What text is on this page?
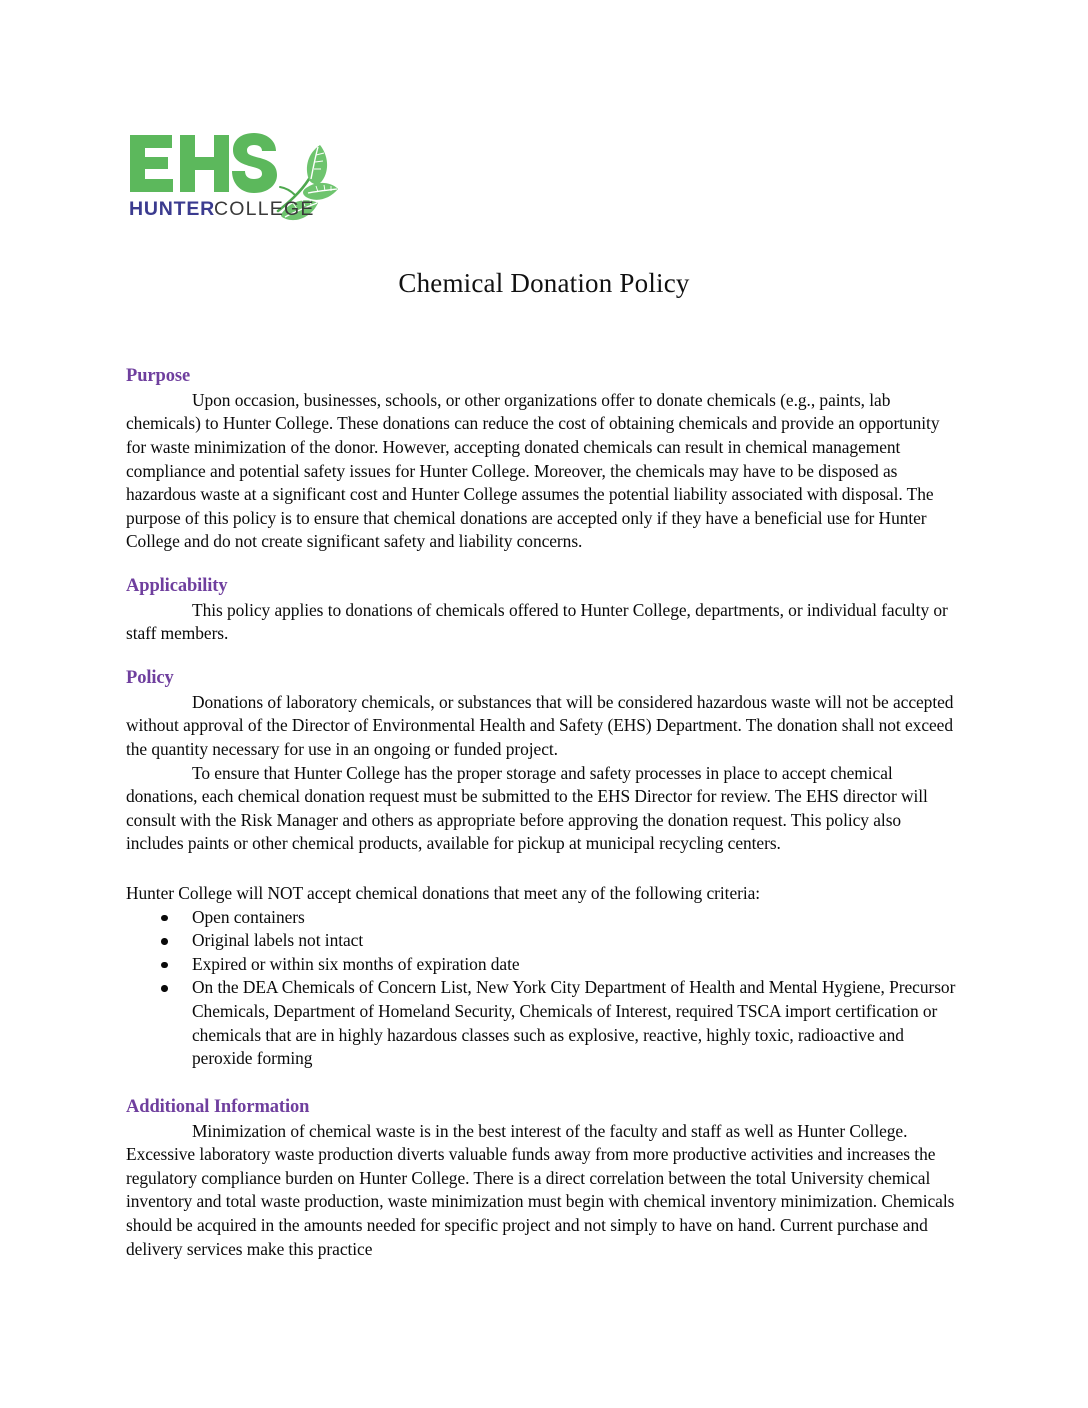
HUNTER
COLLEGE
Chemical Donation Policy
Purpose

Upon occasion, businesses, schools, or other organizations offer to donate chemicals (e.g., paints, lab chemicals) to Hunter College. These donations can reduce the cost of obtaining chemicals and provide an opportunity for waste minimization of the donor. However, accepting donated chemicals can result in chemical management compliance and potential safety issues for Hunter College. Moreover, the chemicals may have to be disposed as hazardous waste at a significant cost and Hunter College assumes the potential liability associated with disposal. The purpose of this policy is to ensure that chemical donations are accepted only if they have a beneficial use for Hunter College and do not create significant safety and liability concerns.

Applicability

This policy applies to donations of chemicals offered to Hunter College, departments, or individual faculty or staff members.

Policy

Donations of laboratory chemicals, or substances that will be considered hazardous waste will not be accepted without approval of the Director of Environmental Health and Safety (EHS) Department. The donation shall not exceed the quantity necessary for use in an ongoing or funded project.

To ensure that Hunter College has the proper storage and safety processes in place to accept chemical donations, each chemical donation request must be submitted to the EHS Director for review. The EHS director will consult with the Risk Manager and others as appropriate before approving the donation request. This policy also includes paints or other chemical products, available for pickup at municipal recycling centers.

Hunter College will NOT accept chemical donations that meet any of the following criteria:

Open containers
Original labels not intact
Expired or within six months of expiration date
On the DEA Chemicals of Concern List, New York City Department of Health and Mental Hygiene, Precursor Chemicals, Department of Homeland Security, Chemicals of Interest, required TSCA import certification or chemicals that are in highly hazardous classes such as explosive, reactive, highly toxic, radioactive and peroxide forming
Additional Information

Minimization of chemical waste is in the best interest of the faculty and staff as well as Hunter College. Excessive laboratory waste production diverts valuable funds away from more productive activities and increases the regulatory compliance burden on Hunter College. There is a direct correlation between the total University chemical inventory and total waste production, waste minimization must begin with chemical inventory minimization. Chemicals should be acquired in the amounts needed for specific project and not simply to have on hand. Current purchase and delivery services make this practice
